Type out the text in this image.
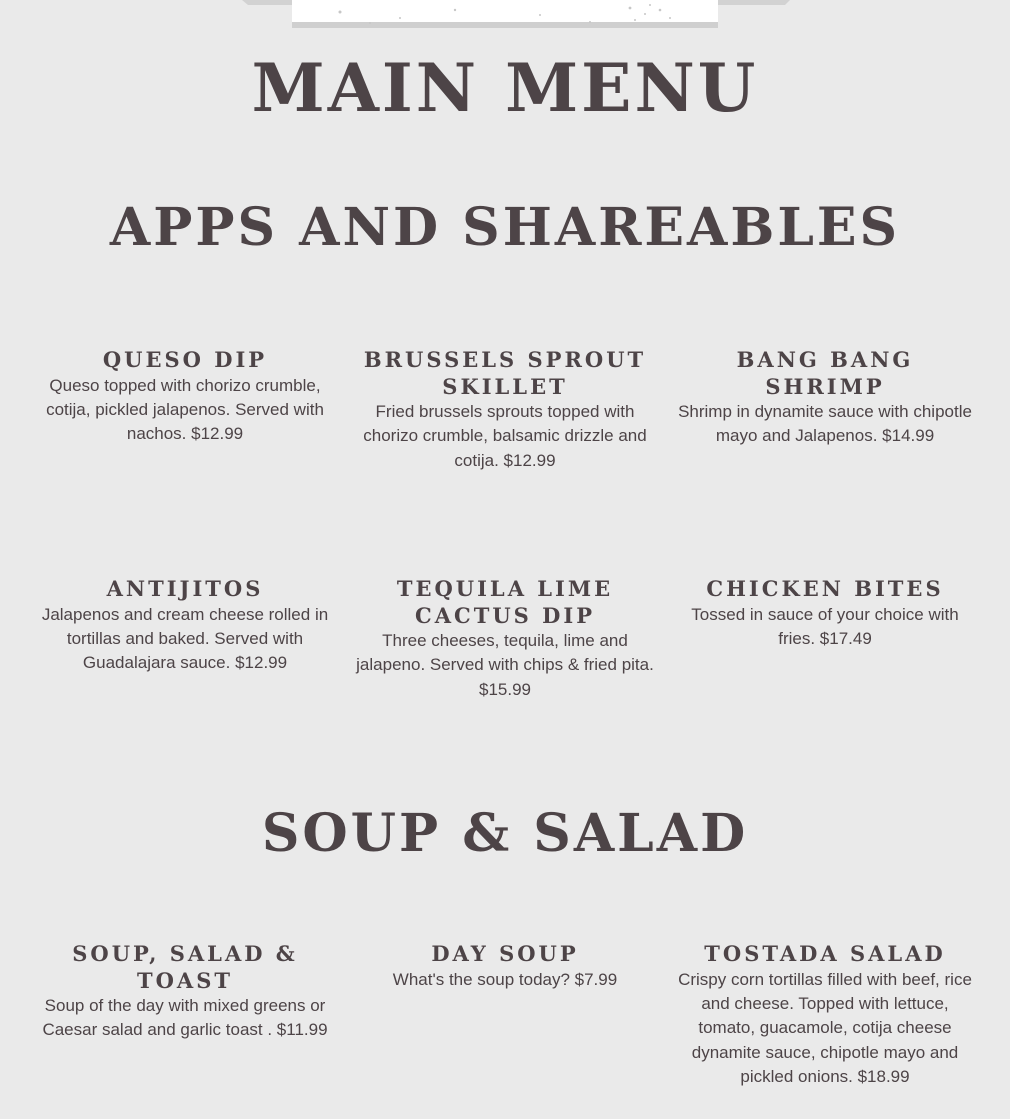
MAIN MENU
APPS AND SHAREABLES
QUESO DIP
Queso topped with chorizo crumble, cotija, pickled jalapenos. Served with nachos. $12.99
BRUSSELS SPROUT SKILLET
Fried brussels sprouts topped with chorizo crumble, balsamic drizzle and cotija. $12.99
BANG BANG SHRIMP
Shrimp in dynamite sauce with chipotle mayo and Jalapenos. $14.99
ANTIJITOS
Jalapenos and cream cheese rolled in tortillas and baked. Served with Guadalajara sauce. $12.99
TEQUILA LIME CACTUS DIP
Three cheeses, tequila, lime and jalapeno. Served with chips & fried pita. $15.99
CHICKEN BITES
Tossed in sauce of your choice with fries. $17.49
SOUP & SALAD
SOUP, SALAD & TOAST
Soup of the day with mixed greens or Caesar salad and garlic toast . $11.99
DAY SOUP
What's the soup today? $7.99
TOSTADA SALAD
Crispy corn tortillas filled with beef, rice and cheese. Topped with lettuce, tomato, guacamole, cotija cheese dynamite sauce, chipotle mayo and pickled onions. $18.99
